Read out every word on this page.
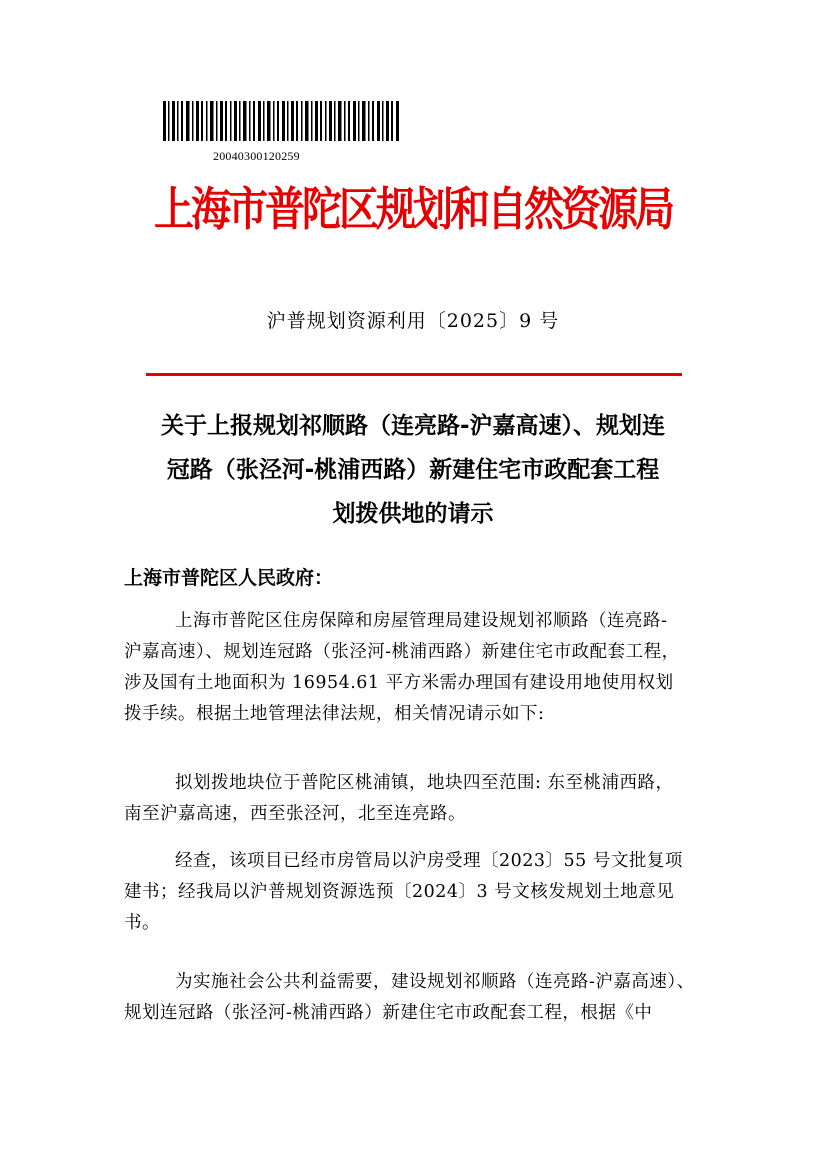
20040300120259
上海市普陀区规划和自然资源局
沪普规划资源利用〔2025〕9 号
关于上报规划祁顺路（连亮路-沪嘉高速）、规划连
冠路（张泾河-桃浦西路）新建住宅市政配套工程
划拨供地的请示
上海市普陀区人民政府：
上海市普陀区住房保障和房屋管理局建设规划祁顺路（连亮路-
沪嘉高速）、规划连冠路（张泾河-桃浦西路）新建住宅市政配套工程，
涉及国有土地面积为 16954.61 平方米需办理国有建设用地使用权划
拨手续。根据土地管理法律法规，相关情况请示如下:
拟划拨地块位于普陀区桃浦镇，地块四至范围: 东至桃浦西路，
南至沪嘉高速，西至张泾河，北至连亮路。
经查，该项目已经市房管局以沪房受理〔2023〕55 号文批复项
建书；经我局以沪普规划资源选预〔2024〕3 号文核发规划土地意见
书。
为实施社会公共利益需要，建设规划祁顺路（连亮路-沪嘉高速）、
规划连冠路（张泾河-桃浦西路）新建住宅市政配套工程，根据《中
